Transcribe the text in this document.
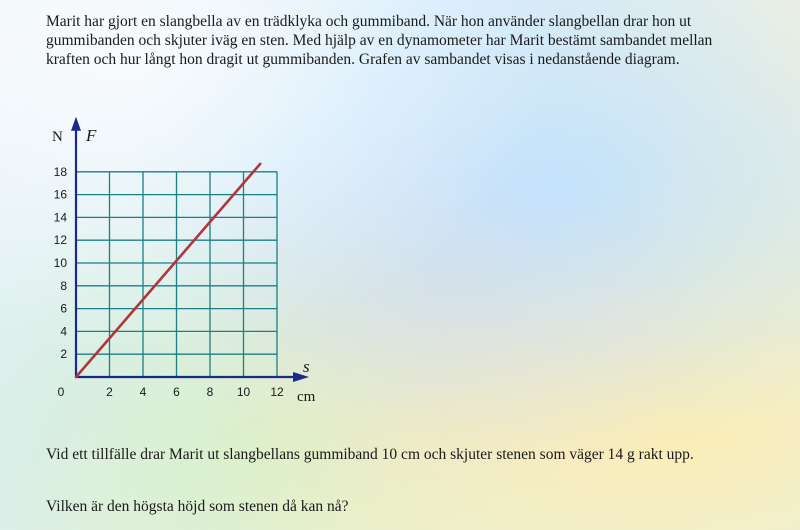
Marit har gjort en slangbella av en trädklyka och gummiband. När hon använder slangbellan drar hon ut gummibanden och skjuter iväg en sten. Med hjälp av en dynamometer har Marit bestämt sambandet mellan kraften och hur långt hon dragit ut gummibanden. Grafen av sambandet visas i nedanstående diagram.

2 4 6 8 10 12
2
4
6
8
10
12
14
16
18
F
N
s
cm
0

Vid ett tillfälle drar Marit ut slangbellans gummiband 10 cm och skjuter stenen som väger 14 g rakt upp.

Vilken är den högsta höjd som stenen då kan nå?
